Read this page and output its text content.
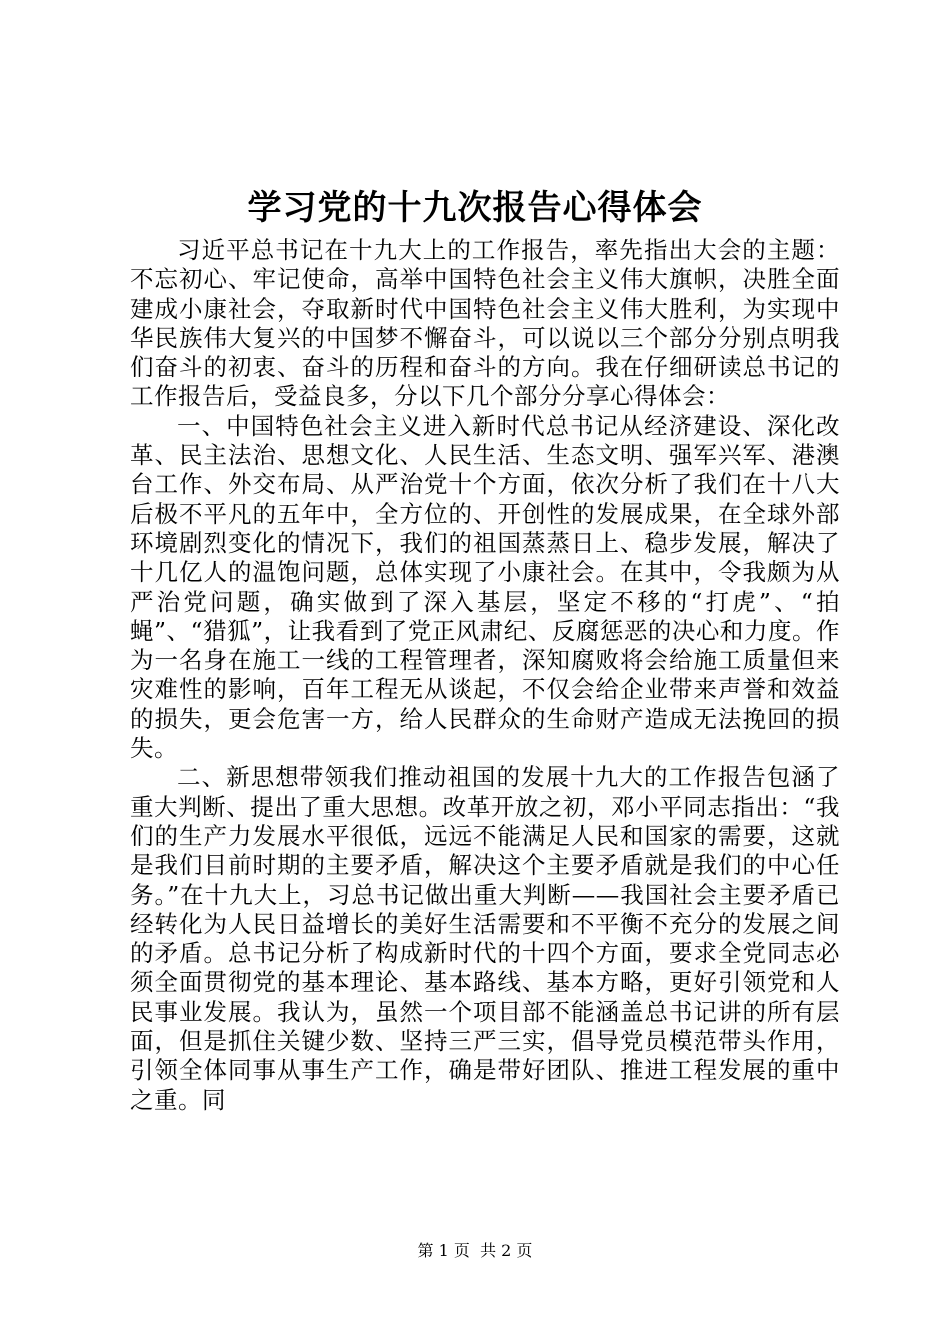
学习党的十九次报告心得体会

习近平总书记在十九大上的工作报告，率先指出大会的主题：不忘初心、牢记使命，高举中国特色社会主义伟大旗帜，决胜全面建成小康社会，夺取新时代中国特色社会主义伟大胜利，为实现中华民族伟大复兴的中国梦不懈奋斗，可以说以三个部分分别点明我们奋斗的初衷、奋斗的历程和奋斗的方向。我在仔细研读总书记的工作报告后，受益良多，分以下几个部分分享心得体会：

一、中国特色社会主义进入新时代总书记从经济建设、深化改革、民主法治、思想文化、人民生活、生态文明、强军兴军、港澳台工作、外交布局、从严治党十个方面，依次分析了我们在十八大后极不平凡的五年中，全方位的、开创性的发展成果，在全球外部环境剧烈变化的情况下，我们的祖国蒸蒸日上、稳步发展，解决了十几亿人的温饱问题，总体实现了小康社会。在其中，令我颇为从严治党问题，确实做到了深入基层，坚定不移的“打虎”、“拍蝇”、“猎狐”，让我看到了党正风肃纪、反腐惩恶的决心和力度。作为一名身在施工一线的工程管理者，深知腐败将会给施工质量但来灾难性的影响，百年工程无从谈起，不仅会给企业带来声誉和效益的损失，更会危害一方，给人民群众的生命财产造成无法挽回的损失。

二、新思想带领我们推动祖国的发展十九大的工作报告包涵了重大判断、提出了重大思想。改革开放之初，邓小平同志指出：“我们的生产力发展水平很低，远远不能满足人民和国家的需要，这就是我们目前时期的主要矛盾，解决这个主要矛盾就是我们的中心任务。”在十九大上，习总书记做出重大判断——我国社会主要矛盾已经转化为人民日益增长的美好生活需要和不平衡不充分的发展之间的矛盾。总书记分析了构成新时代的十四个方面，要求全党同志必须全面贯彻党的基本理论、基本路线、基本方略，更好引领党和人民事业发展。我认为，虽然一个项目部不能涵盖总书记讲的所有层面，但是抓住关键少数、坚持三严三实，倡导党员模范带头作用，引领全体同事从事生产工作，确是带好团队、推进工程发展的重中之重。同

第 1 页  共 2 页
